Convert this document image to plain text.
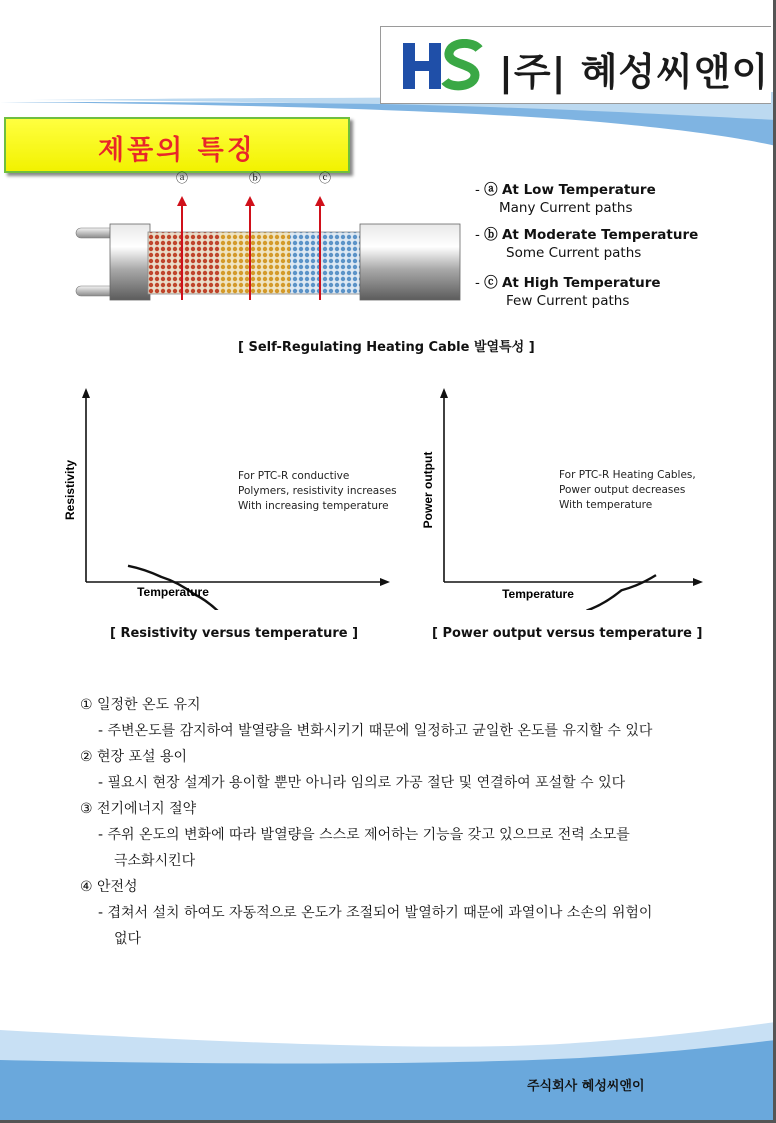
HS
|주| 혜성씨앤이
제품의 특징
ⓐ	ⓑ	ⓒ
- ⓐ At Low Temperature
Many Current paths
- ⓑ At Moderate Temperature
Some Current paths
- ⓒ At High Temperature
Few Current paths
[ Self-Regulating Heating Cable 발열특성 ]
Resistivity
Temperature
Power output
Temperature
For PTC-R conductive
Polymers, resistivity increases
With increasing temperature
For PTC-R Heating Cables,
Power output decreases
With temperature
[ Resistivity versus temperature ]	[ Power output versus temperature ]
① 일정한 온도 유지
- 주변온도를 감지하여 발열량을 변화시키기 때문에 일정하고 균일한 온도를 유지할 수 있다
② 현장 포설 용이
- 필요시 현장 설계가 용이할 뿐만 아니라 임의로 가공 절단 및 연결하여 포설할 수 있다
③ 전기에너지 절약
- 주위 온도의 변화에 따라 발열량을 스스로 제어하는 기능을 갖고 있으므로 전력 소모를
극소화시킨다
④ 안전성
- 겹쳐서 설치 하여도 자동적으로 온도가 조절되어 발열하기 때문에 과열이나 소손의 위험이
없다
주식회사 혜성씨앤이
